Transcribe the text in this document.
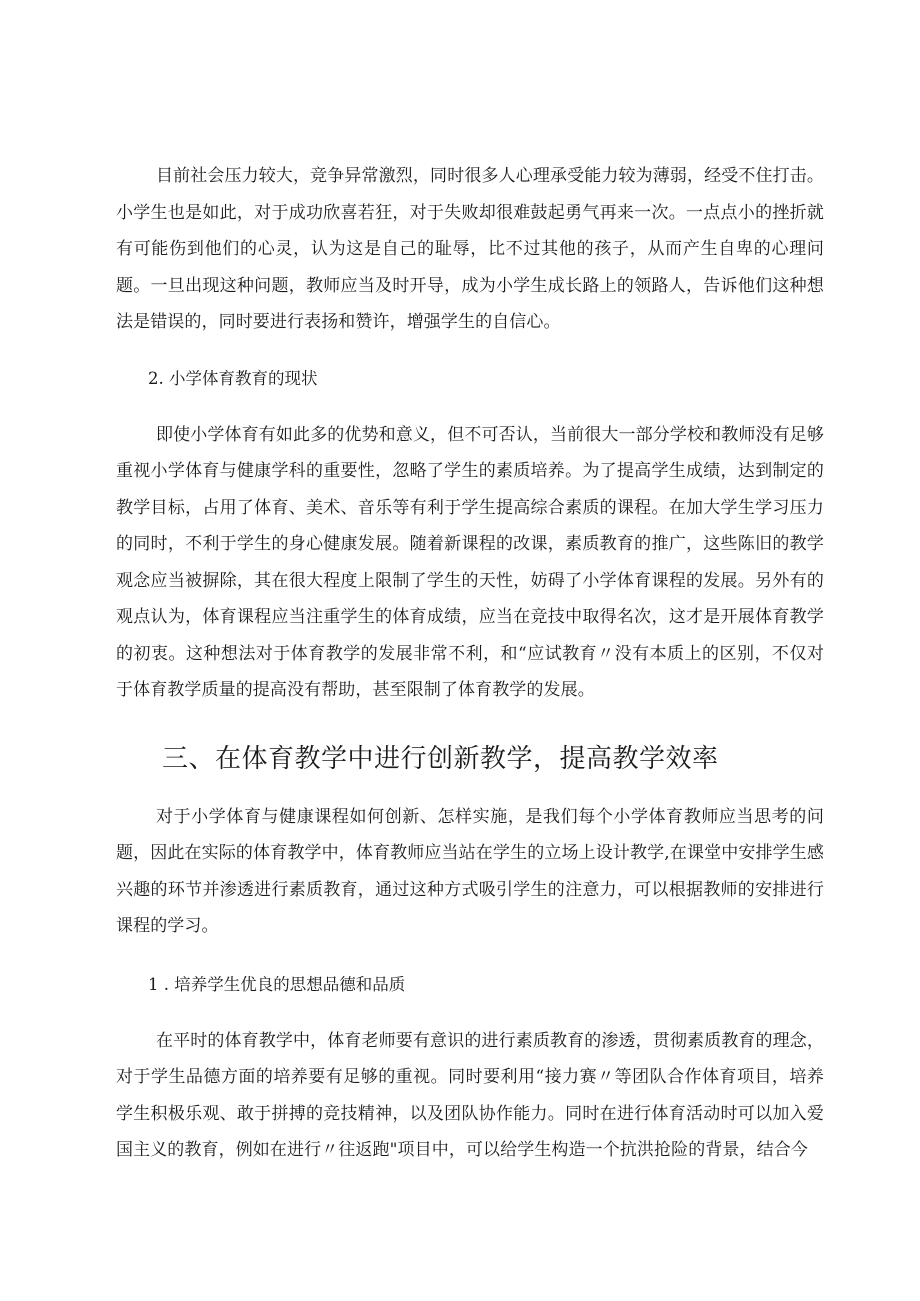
目前社会压力较大，竞争异常激烈，同时很多人心理承受能力较为薄弱，经受不住打击。小学生也是如此，对于成功欣喜若狂，对于失败却很难鼓起勇气再来一次。一点点小的挫折就有可能伤到他们的心灵，认为这是自己的耻辱，比不过其他的孩子，从而产生自卑的心理问题。一旦出现这种问题，教师应当及时开导，成为小学生成长路上的领路人，告诉他们这种想法是错误的，同时要进行表扬和赞许，增强学生的自信心。

2. 小学体育教育的现状

即使小学体育有如此多的优势和意义，但不可否认，当前很大一部分学校和教师没有足够重视小学体育与健康学科的重要性，忽略了学生的素质培养。为了提高学生成绩，达到制定的教学目标，占用了体育、美术、音乐等有利于学生提高综合素质的课程。在加大学生学习压力的同时，不利于学生的身心健康发展。随着新课程的改课，素质教育的推广，这些陈旧的教学观念应当被摒除，其在很大程度上限制了学生的天性，妨碍了小学体育课程的发展。另外有的观点认为，体育课程应当注重学生的体育成绩，应当在竞技中取得名次，这才是开展体育教学的初衷。这种想法对于体育教学的发展非常不利，和“应试教育〃没有本质上的区别，不仅对于体育教学质量的提高没有帮助，甚至限制了体育教学的发展。

三、在体育教学中进行创新教学，提高教学效率

对于小学体育与健康课程如何创新、怎样实施，是我们每个小学体育教师应当思考的问题，因此在实际的体育教学中，体育教师应当站在学生的立场上设计教学,在课堂中安排学生感兴趣的环节并渗透进行素质教育，通过这种方式吸引学生的注意力，可以根据教师的安排进行课程的学习。

1 . 培养学生优良的思想品德和品质

在平时的体育教学中，体育老师要有意识的进行素质教育的渗透，贯彻素质教育的理念，对于学生品德方面的培养要有足够的重视。同时要利用“接力赛〃等团队合作体育项目，培养学生积极乐观、敢于拼搏的竞技精神，以及团队协作能力。同时在进行体育活动时可以加入爱国主义的教育，例如在进行〃往返跑"项目中，可以给学生构造一个抗洪抢险的背景，结合今
